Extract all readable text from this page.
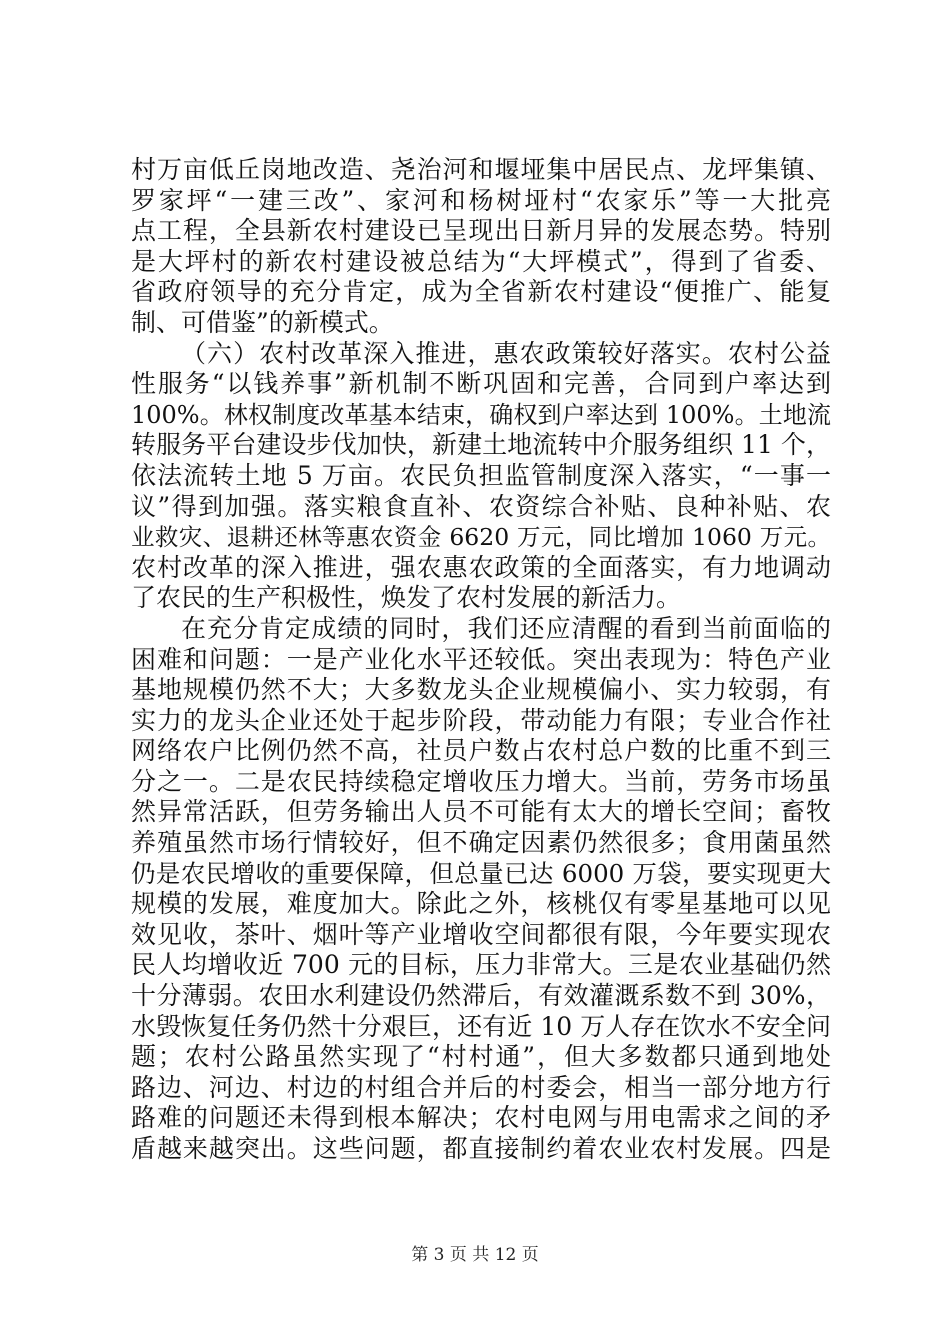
村万亩低丘岗地改造、尧治河和堰垭集中居民点、龙坪集镇、
罗家坪“一建三改”、家河和杨树垭村“农家乐”等一大批亮
点工程，全县新农村建设已呈现出日新月异的发展态势。特别
是大坪村的新农村建设被总结为“大坪模式”，得到了省委、
省政府领导的充分肯定，成为全省新农村建设“便推广、能复
制、可借鉴”的新模式。
（六）农村改革深入推进，惠农政策较好落实。农村公益
性服务“以钱养事”新机制不断巩固和完善，合同到户率达到
100%。林权制度改革基本结束，确权到户率达到 100%。土地流
转服务平台建设步伐加快，新建土地流转中介服务组织 11 个，
依法流转土地 5 万亩。农民负担监管制度深入落实，“一事一
议”得到加强。落实粮食直补、农资综合补贴、良种补贴、农
业救灾、退耕还林等惠农资金 6620 万元，同比增加 1060 万元。
农村改革的深入推进，强农惠农政策的全面落实，有力地调动
了农民的生产积极性，焕发了农村发展的新活力。
在充分肯定成绩的同时，我们还应清醒的看到当前面临的
困难和问题：一是产业化水平还较低。突出表现为：特色产业
基地规模仍然不大；大多数龙头企业规模偏小、实力较弱，有
实力的龙头企业还处于起步阶段，带动能力有限；专业合作社
网络农户比例仍然不高，社员户数占农村总户数的比重不到三
分之一。二是农民持续稳定增收压力增大。当前，劳务市场虽
然异常活跃，但劳务输出人员不可能有太大的增长空间；畜牧
养殖虽然市场行情较好，但不确定因素仍然很多；食用菌虽然
仍是农民增收的重要保障，但总量已达 6000 万袋，要实现更大
规模的发展，难度加大。除此之外，核桃仅有零星基地可以见
效见收，茶叶、烟叶等产业增收空间都很有限，今年要实现农
民人均增收近 700 元的目标，压力非常大。三是农业基础仍然
十分薄弱。农田水利建设仍然滞后，有效灌溉系数不到 30%，
水毁恢复任务仍然十分艰巨，还有近 10 万人存在饮水不安全问
题；农村公路虽然实现了“村村通”，但大多数都只通到地处
路边、河边、村边的村组合并后的村委会，相当一部分地方行
路难的问题还未得到根本解决；农村电网与用电需求之间的矛
盾越来越突出。这些问题，都直接制约着农业农村发展。四是
第 3 页 共 12 页
